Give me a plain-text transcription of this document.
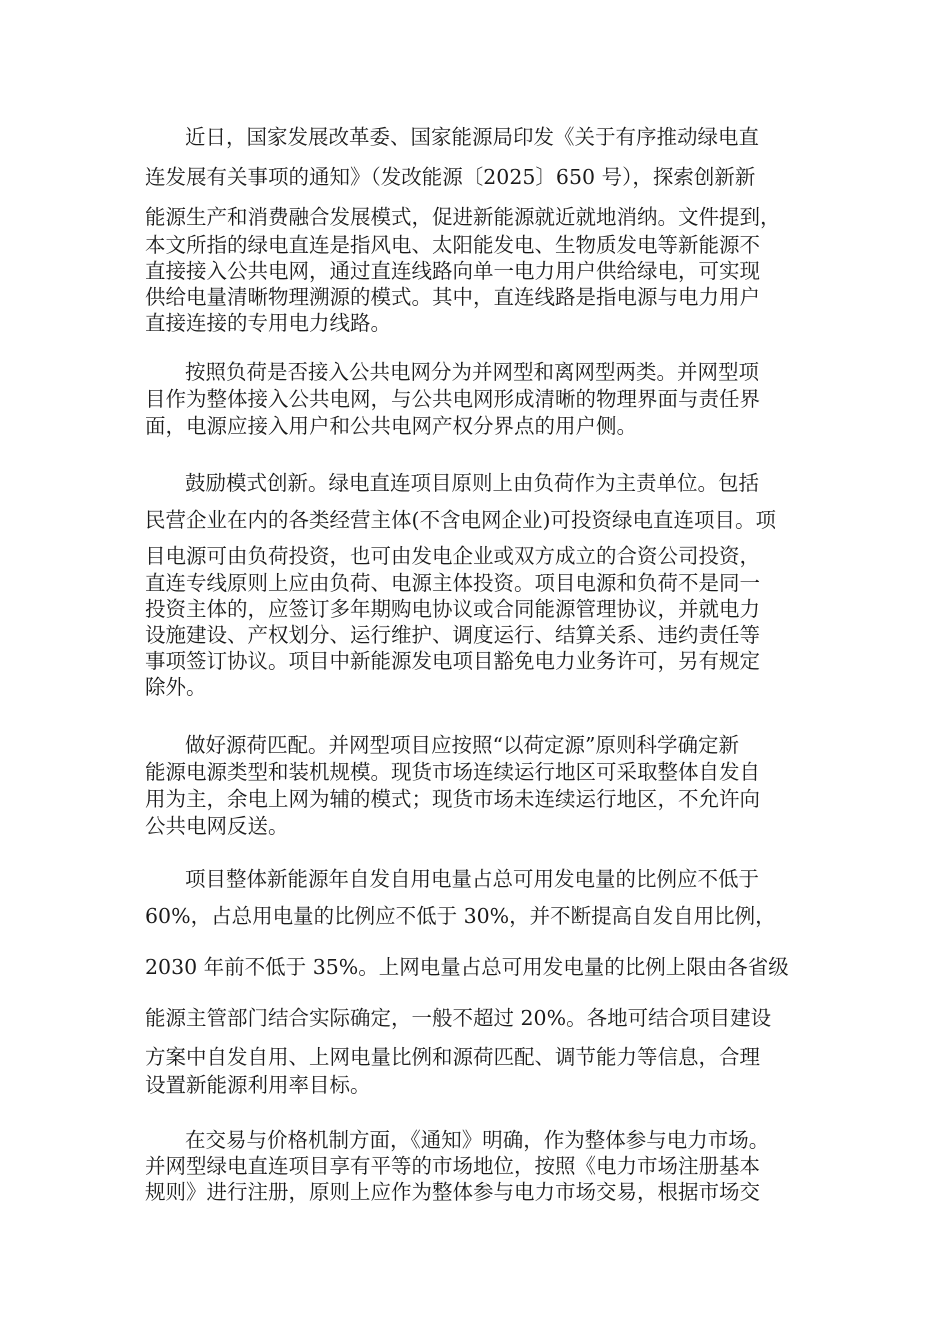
近日，国家发展改革委、国家能源局印发《关于有序推动绿电直
连发展有关事项的通知》（发改能源〔2025〕650 号），探索创新新
能源生产和消费融合发展模式，促进新能源就近就地消纳。文件提到，
本文所指的绿电直连是指风电、太阳能发电、生物质发电等新能源不
直接接入公共电网，通过直连线路向单一电力用户供给绿电，可实现
供给电量清晰物理溯源的模式。其中，直连线路是指电源与电力用户
直接连接的专用电力线路。
按照负荷是否接入公共电网分为并网型和离网型两类。并网型项
目作为整体接入公共电网，与公共电网形成清晰的物理界面与责任界
面，电源应接入用户和公共电网产权分界点的用户侧。
鼓励模式创新。绿电直连项目原则上由负荷作为主责单位。包括
民营企业在内的各类经营主体(不含电网企业)可投资绿电直连项目。项
目电源可由负荷投资，也可由发电企业或双方成立的合资公司投资，
直连专线原则上应由负荷、电源主体投资。项目电源和负荷不是同一
投资主体的，应签订多年期购电协议或合同能源管理协议，并就电力
设施建设、产权划分、运行维护、调度运行、结算关系、违约责任等
事项签订协议。项目中新能源发电项目豁免电力业务许可，另有规定
除外。
做好源荷匹配。并网型项目应按照“以荷定源”原则科学确定新
能源电源类型和装机规模。现货市场连续运行地区可采取整体自发自
用为主，余电上网为辅的模式；现货市场未连续运行地区，不允许向
公共电网反送。
项目整体新能源年自发自用电量占总可用发电量的比例应不低于
60%，占总用电量的比例应不低于 30%，并不断提高自发自用比例，
2030 年前不低于 35%。上网电量占总可用发电量的比例上限由各省级
能源主管部门结合实际确定，一般不超过 20%。各地可结合项目建设
方案中自发自用、上网电量比例和源荷匹配、调节能力等信息，合理
设置新能源利用率目标。
在交易与价格机制方面，《通知》明确，作为整体参与电力市场。
并网型绿电直连项目享有平等的市场地位，按照《电力市场注册基本
规则》进行注册，原则上应作为整体参与电力市场交易，根据市场交
